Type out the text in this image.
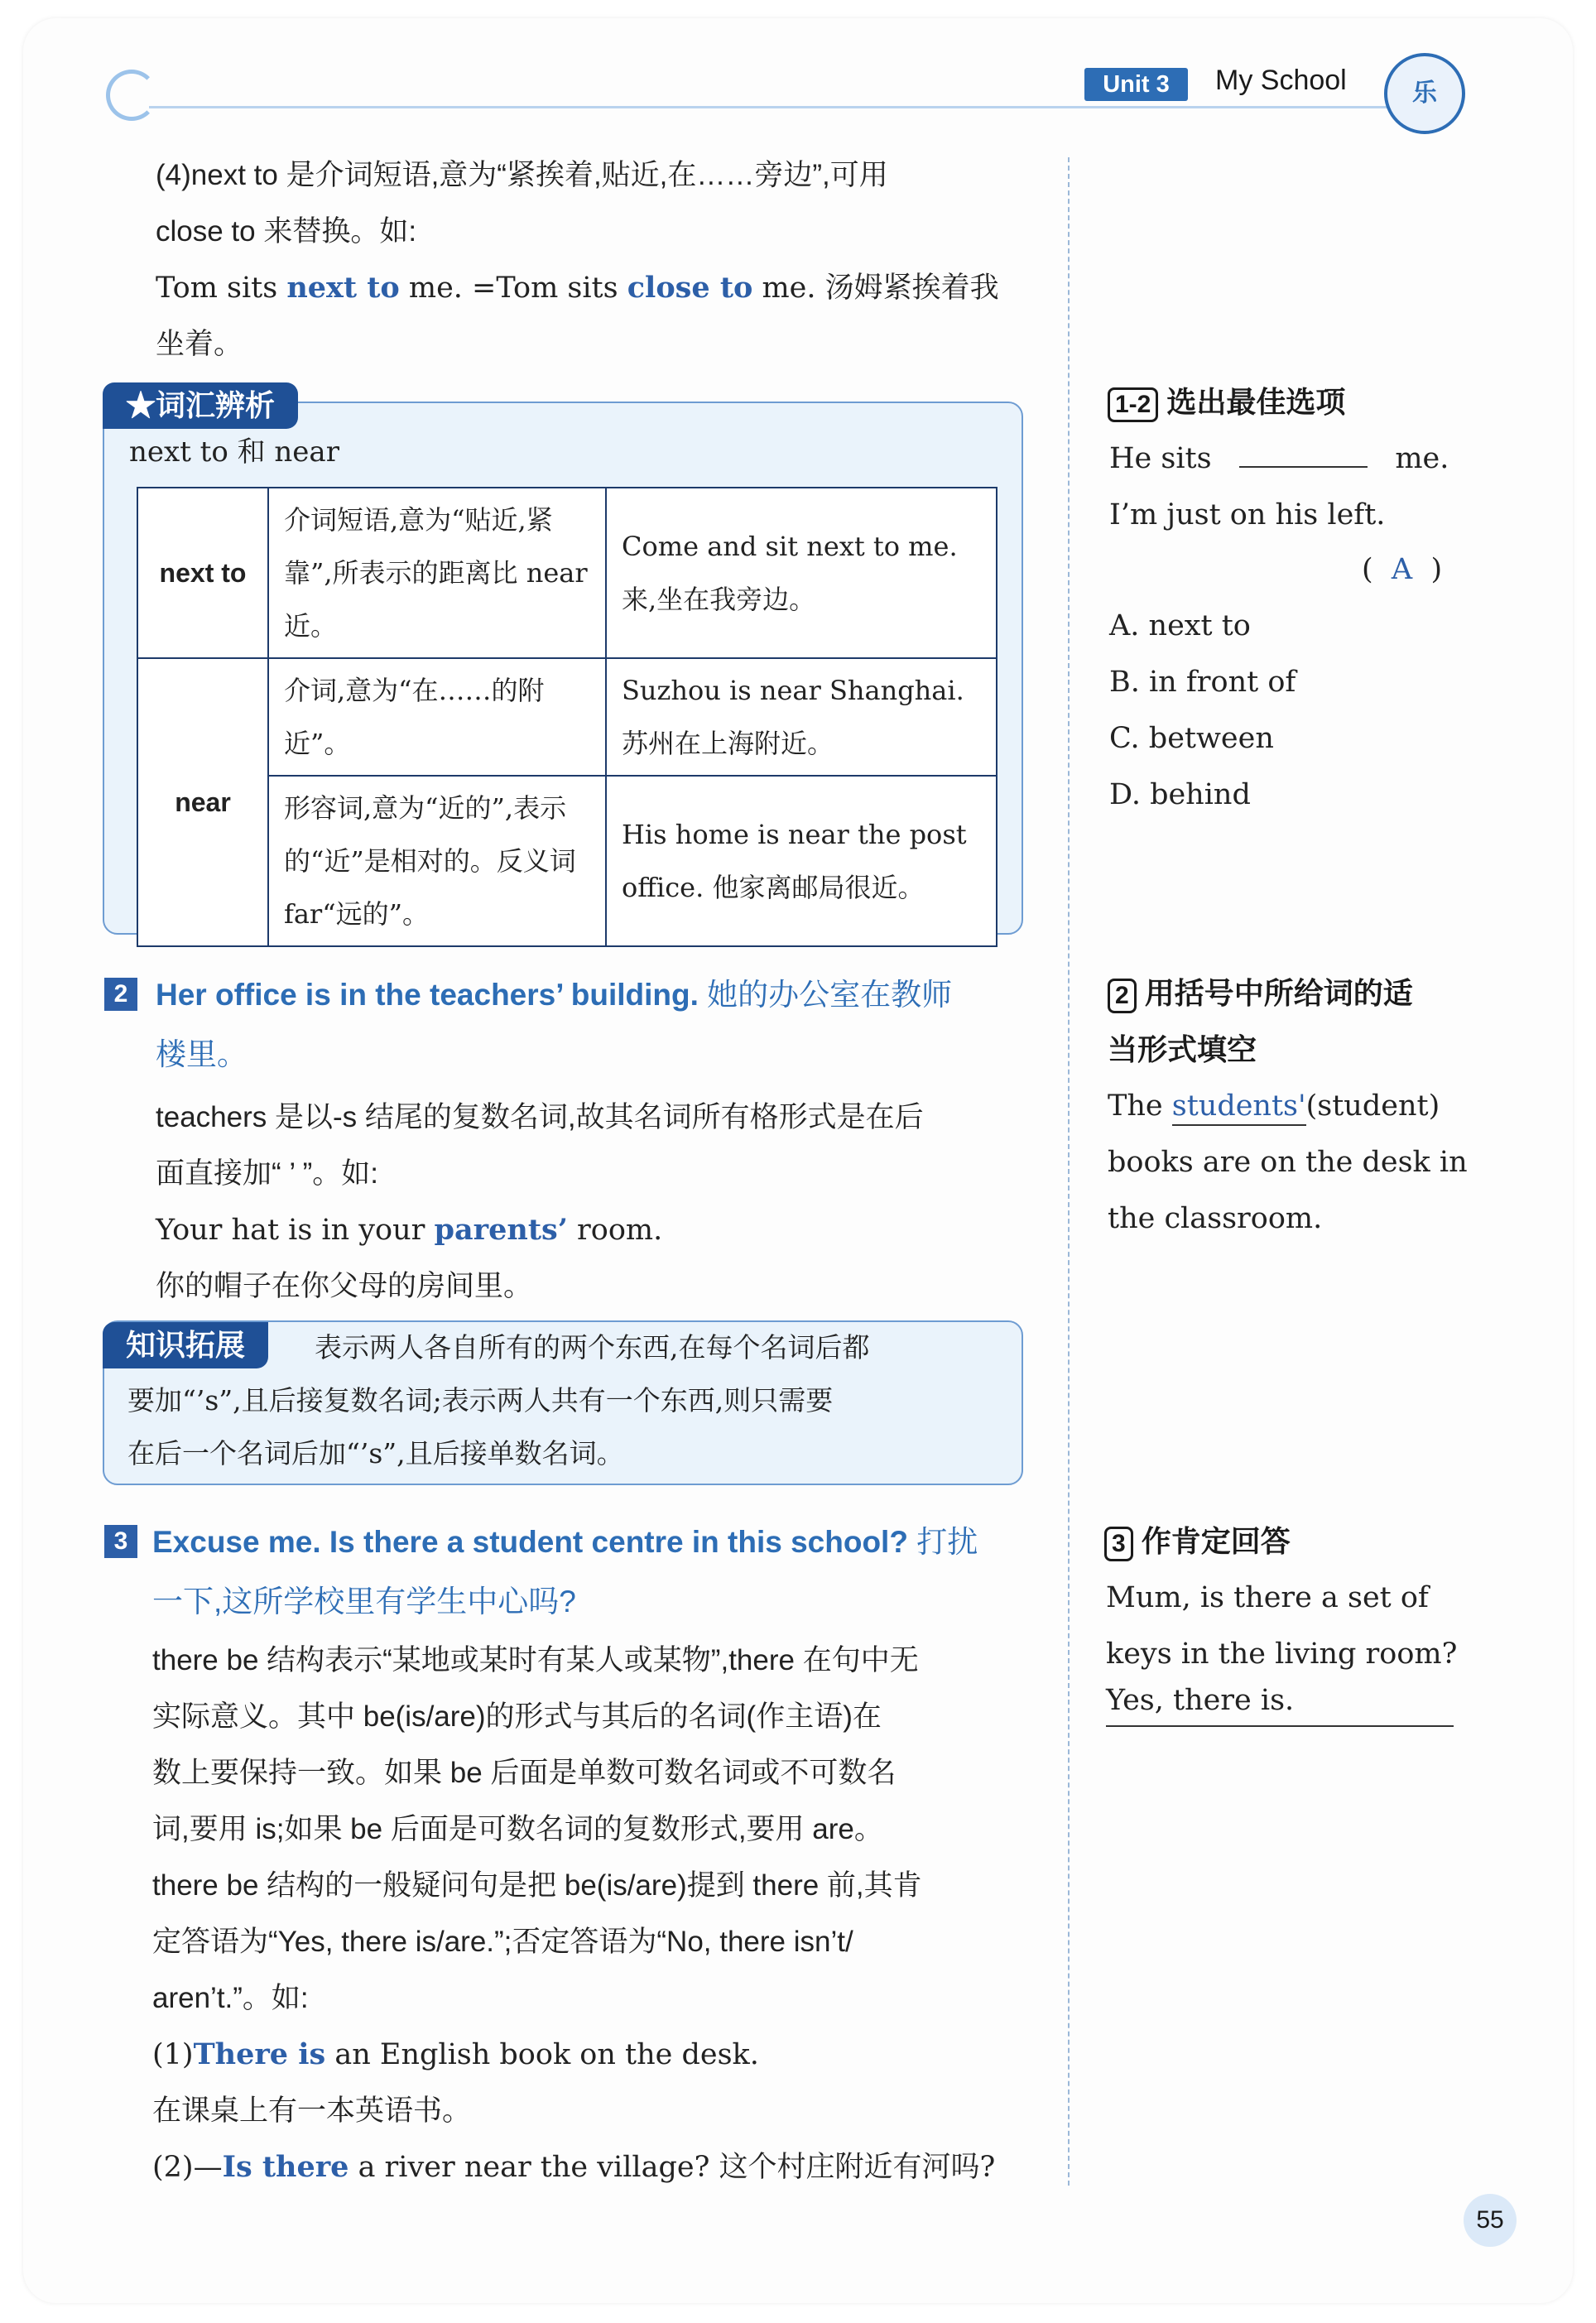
Unit 3	My School	乐
(4)next to 是介词短语,意为“紧挨着,贴近,在……旁边”,可用
close to 来替换。如:
Tom sits next to me. =Tom sits close to me. 汤姆紧挨着我
坐着。
★词汇辨析
next to 和 near
next to	介词短语,意为“贴近,紧靠”,所表示的距离比 near 近。	Come and sit next to me. 来,坐在我旁边。
near	介词,意为“在……的附近”。	Suzhou is near Shanghai. 苏州在上海附近。
	形容词,意为“近的”,表示的“近”是相对的。反义词 far“远的”。	His home is near the post office. 他家离邮局很近。
2 Her office is in the teachers’ building. 她的办公室在教师
楼里。
teachers 是以-s 结尾的复数名词,故其名词所有格形式是在后
面直接加“ ’ ”。如:
Your hat is in your parents’ room.
你的帽子在你父母的房间里。
知识拓展	表示两人各自所有的两个东西,在每个名词后都
要加“’s”,且后接复数名词;表示两人共有一个东西,则只需要
在后一个名词后加“’s”,且后接单数名词。
3 Excuse me. Is there a student centre in this school? 打扰
一下,这所学校里有学生中心吗?
there be 结构表示“某地或某时有某人或某物”,there 在句中无
实际意义。其中 be(is/are)的形式与其后的名词(作主语)在
数上要保持一致。如果 be 后面是单数可数名词或不可数名
词,要用 is;如果 be 后面是可数名词的复数形式,要用 are。
there be 结构的一般疑问句是把 be(is/are)提到 there 前,其肯
定答语为“Yes, there is/are.”;否定答语为“No, there isn’t/
aren’t.”。如:
(1)There is an English book on the desk.
在课桌上有一本英语书。
(2)—Is there a river near the village? 这个村庄附近有河吗?
1-2 选出最佳选项
He sits	me.
I’m just on his left.
(  A  )
A. next to
B. in front of
C. between
D. behind
2 用括号中所给词的适
当形式填空
The students'(student)
books are on the desk in
the classroom.
3 作肯定回答
Mum, is there a set of
keys in the living room?
Yes, there is.
55
